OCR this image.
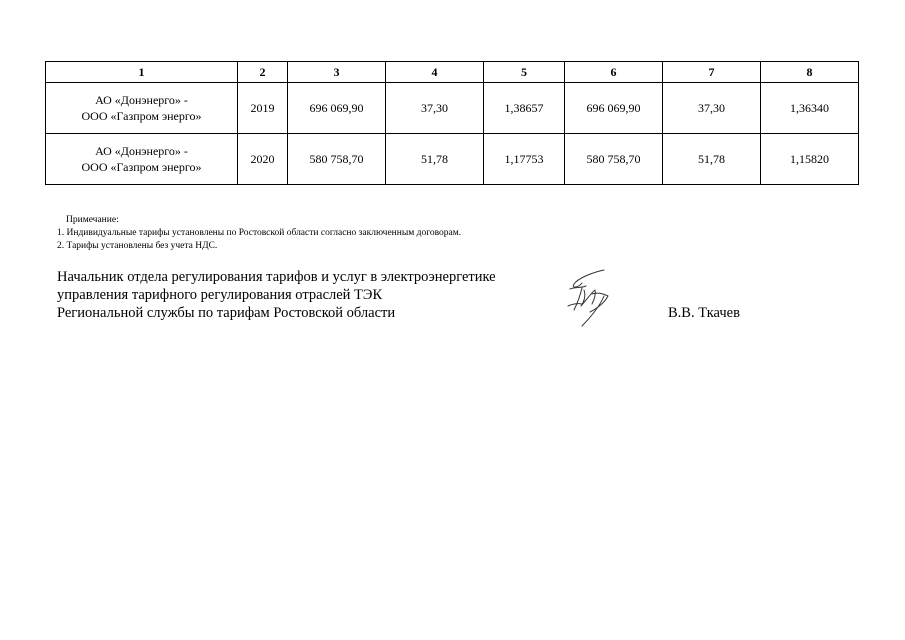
1	2	3	4	5	6	7	8

АО «Донэнерго» -
ООО «Газпром энерго»	2019	696 069,90	37,30	1,38657	696 069,90	37,30	1,36340

АО «Донэнерго» -
ООО «Газпром энерго»	2020	580 758,70	51,78	1,17753	580 758,70	51,78	1,15820
Примечание:
1. Индивидуальные тарифы установлены по Ростовской области согласно заключенным договорам.
2. Тарифы установлены без учета НДС.
Начальник отдела регулирования тарифов и услуг в электроэнергетике
управления тарифного регулирования отраслей ТЭК
Региональной службы по тарифам Ростовской области	В.В. Ткачев
